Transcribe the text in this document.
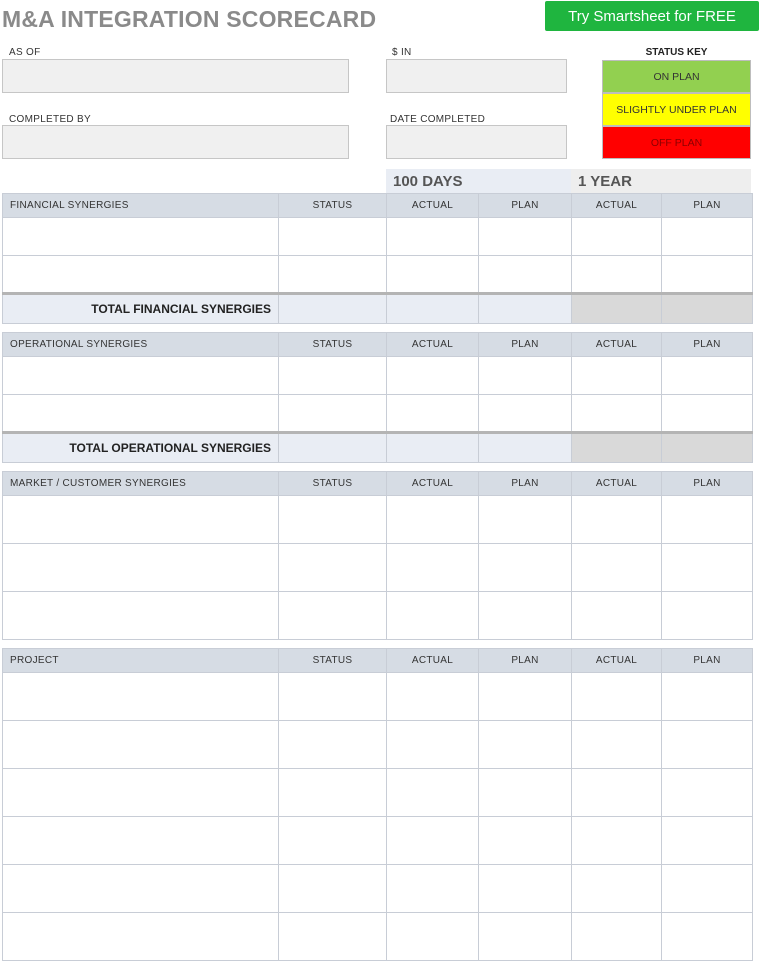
M&A INTEGRATION SCORECARD	Try Smartsheet for FREE
AS OF	$ IN
COMPLETED BY	DATE COMPLETED
STATUS KEY
ON PLAN
SLIGHTLY UNDER PLAN
OFF PLAN
100 DAYS	1 YEAR
FINANCIAL SYNERGIES	STATUS	ACTUAL	PLAN	ACTUAL	PLAN

TOTAL FINANCIAL SYNERGIES					

OPERATIONAL SYNERGIES	STATUS	ACTUAL	PLAN	ACTUAL	PLAN

TOTAL OPERATIONAL SYNERGIES					

MARKET / CUSTOMER SYNERGIES	STATUS	ACTUAL	PLAN	ACTUAL	PLAN

PROJECT	STATUS	ACTUAL	PLAN	ACTUAL	PLAN
